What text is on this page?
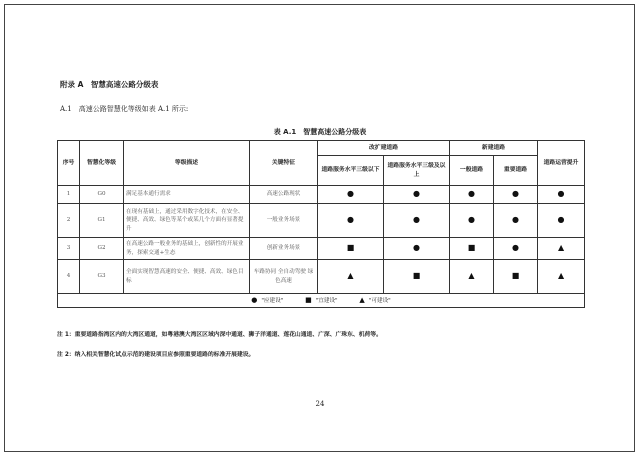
附录 A　智慧高速公路分级表
A.1　高速公路智慧化等级如表 A.1 所示:
表 A.1　智慧高速公路分级表
序号	智慧化等级	等级描述	关键特征	改扩建道路		新建道路		道路运营提升
				道路服务水平三级以下	道路服务水平三级及以上	一般道路	重要道路	
1	G0	满足基本通行需求	高速公路现状	●	●	●	●	●
2	G1	在现有基础上，通过采用数字化技术，在安全、便捷、高效、绿色等某个或某几个方面有显著提升	一般业务场景	●	●	●	●	●
3	G2	在高速公路一般业务的基础上，创新性的开展业务，探索交通+生态	创新业务场景	■	●	■	●	▲
4	G3	全面实现智慧高速的安全、便捷、高效、绿色目标	车路协同 全自动驾驶 绿色高速	▲	■	▲	■	▲
● "应建设" ■ "宜建设" ▲ "可建设"								
注 1：重要道路指湾区内的大湾区通道，如粤港澳大湾区区域内深中通道、狮子洋通道、莲花山通道、广深、广珠东、机荷等。
注 2：纳入相关智慧化试点示范的建设项目应参照重要道路的标准开展建设。
24
